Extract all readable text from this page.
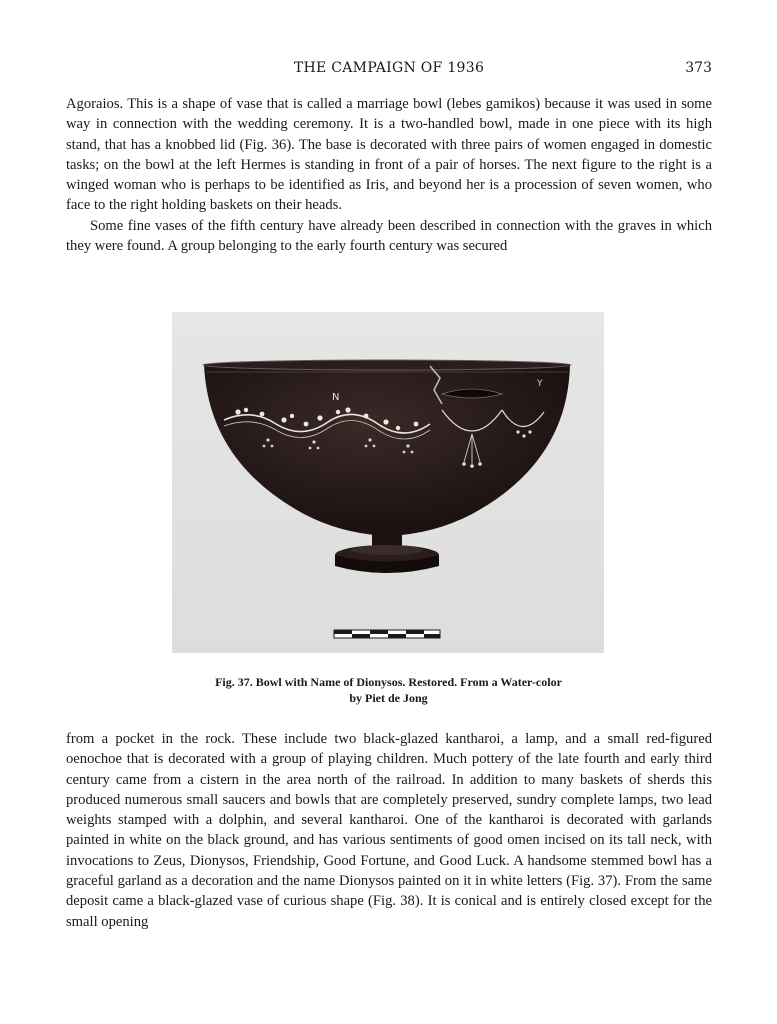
THE CAMPAIGN OF 1936	373

Agoraios. This is a shape of vase that is called a marriage bowl (lebes gamikos) because it was used in some way in connection with the wedding ceremony. It is a two-handled bowl, made in one piece with its high stand, that has a knobbed lid (Fig. 36). The base is decorated with three pairs of women engaged in domestic tasks; on the bowl at the left Hermes is standing in front of a pair of horses. The next figure to the right is a winged woman who is perhaps to be identified as Iris, and beyond her is a procession of seven women, who face to the right holding baskets on their heads.

Some fine vases of the fifth century have already been described in connection with the graves in which they were found. A group belonging to the early fourth century was secured

N
Y
Fig. 37. Bowl with Name of Dionysos. Restored. From a Water-color
by Piet de Jong

from a pocket in the rock. These include two black-glazed kantharoi, a lamp, and a small red-figured oenochoe that is decorated with a group of playing children. Much pottery of the late fourth and early third century came from a cistern in the area north of the railroad. In addition to many baskets of sherds this produced numerous small saucers and bowls that are completely preserved, sundry complete lamps, two lead weights stamped with a dolphin, and several kantharoi. One of the kantharoi is decorated with garlands painted in white on the black ground, and has various sentiments of good omen incised on its tall neck, with invocations to Zeus, Dionysos, Friendship, Good Fortune, and Good Luck. A handsome stemmed bowl has a graceful garland as a decoration and the name Dionysos painted on it in white letters (Fig. 37). From the same deposit came a black-glazed vase of curious shape (Fig. 38). It is conical and is entirely closed except for the small opening
